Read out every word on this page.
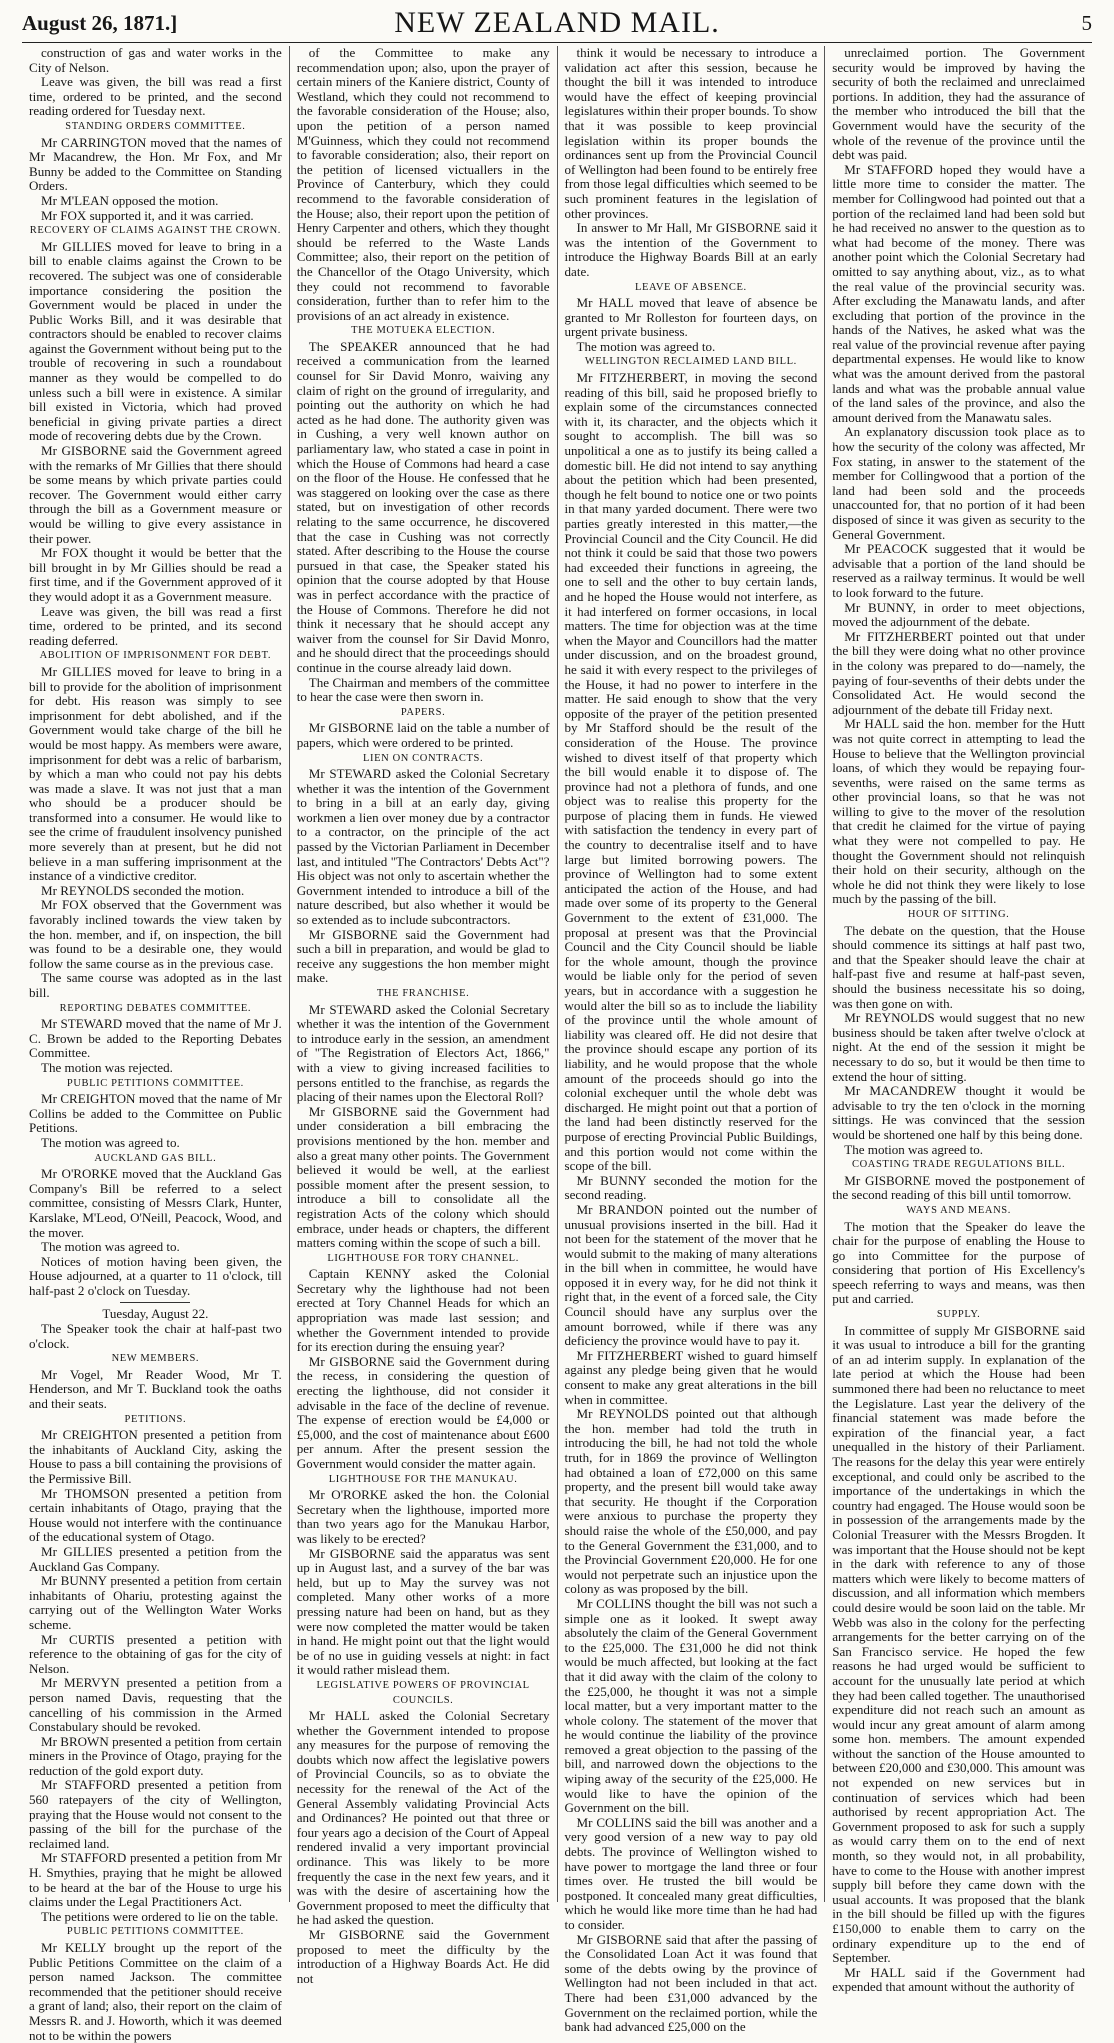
August 26, 1871.]	NEW ZEALAND MAIL.	5

construction of gas and water works in the City of Nelson.

Leave was given, the bill was read a first time, ordered to be printed, and the second reading ordered for Tuesday next.

STANDING ORDERS COMMITTEE.

Mr CARRINGTON moved that the names of Mr Macandrew, the Hon. Mr Fox, and Mr Bunny be added to the Committee on Standing Orders.

Mr M'LEAN opposed the motion.

Mr FOX supported it, and it was carried.

RECOVERY OF CLAIMS AGAINST THE CROWN.

Mr GILLIES moved for leave to bring in a bill to enable claims against the Crown to be recovered. The subject was one of considerable importance considering the position the Government would be placed in under the Public Works Bill, and it was desirable that contractors should be enabled to recover claims against the Government without being put to the trouble of recovering in such a roundabout manner as they would be compelled to do unless such a bill were in existence. A similar bill existed in Victoria, which had proved beneficial in giving private parties a direct mode of recovering debts due by the Crown.

Mr GISBORNE said the Government agreed with the remarks of Mr Gillies that there should be some means by which private parties could recover. The Government would either carry through the bill as a Government measure or would be willing to give every assistance in their power.

Mr FOX thought it would be better that the bill brought in by Mr Gillies should be read a first time, and if the Government approved of it they would adopt it as a Government measure.

Leave was given, the bill was read a first time, ordered to be printed, and its second reading deferred.

ABOLITION OF IMPRISONMENT FOR DEBT.

Mr GILLIES moved for leave to bring in a bill to provide for the abolition of imprisonment for debt. His reason was simply to see imprisonment for debt abolished, and if the Government would take charge of the bill he would be most happy. As members were aware, imprisonment for debt was a relic of barbarism, by which a man who could not pay his debts was made a slave. It was not just that a man who should be a producer should be transformed into a consumer. He would like to see the crime of fraudulent insolvency punished more severely than at present, but he did not believe in a man suffering imprisonment at the instance of a vindictive creditor.

Mr REYNOLDS seconded the motion.

Mr FOX observed that the Government was favorably inclined towards the view taken by the hon. member, and if, on inspection, the bill was found to be a desirable one, they would follow the same course as in the previous case.

The same course was adopted as in the last bill.

REPORTING DEBATES COMMITTEE.

Mr STEWARD moved that the name of Mr J. C. Brown be added to the Reporting Debates Committee.

The motion was rejected.

PUBLIC PETITIONS COMMITTEE.

Mr CREIGHTON moved that the name of Mr Collins be added to the Committee on Public Petitions.

The motion was agreed to.

AUCKLAND GAS BILL.

Mr O'RORKE moved that the Auckland Gas Company's Bill be referred to a select committee, consisting of Messrs Clark, Hunter, Karslake, M'Leod, O'Neill, Peacock, Wood, and the mover.

The motion was agreed to.

Notices of motion having been given, the House adjourned, at a quarter to 11 o'clock, till half-past 2 o'clock on Tuesday.

Tuesday, August 22.

The Speaker took the chair at half-past two o'clock.

NEW MEMBERS.

Mr Vogel, Mr Reader Wood, Mr T. Henderson, and Mr T. Buckland took the oaths and their seats.

PETITIONS.

Mr CREIGHTON presented a petition from the inhabitants of Auckland City, asking the House to pass a bill containing the provisions of the Permissive Bill.

Mr THOMSON presented a petition from certain inhabitants of Otago, praying that the House would not interfere with the continuance of the educational system of Otago.

Mr GILLIES presented a petition from the Auckland Gas Company.

Mr BUNNY presented a petition from certain inhabitants of Ohariu, protesting against the carrying out of the Wellington Water Works scheme.

Mr CURTIS presented a petition with reference to the obtaining of gas for the city of Nelson.

Mr MERVYN presented a petition from a person named Davis, requesting that the cancelling of his commission in the Armed Constabulary should be revoked.

Mr BROWN presented a petition from certain miners in the Province of Otago, praying for the reduction of the gold export duty.

Mr STAFFORD presented a petition from 560 ratepayers of the city of Wellington, praying that the House would not consent to the passing of the bill for the purchase of the reclaimed land.

Mr STAFFORD presented a petition from Mr H. Smythies, praying that he might be allowed to be heard at the bar of the House to urge his claims under the Legal Practitioners Act.

The petitions were ordered to lie on the table.

PUBLIC PETITIONS COMMITTEE.

Mr KELLY brought up the report of the Public Petitions Committee on the claim of a person named Jackson. The committee recommended that the petitioner should receive a grant of land; also, their report on the claim of Messrs R. and J. Howorth, which it was deemed not to be within the powers

of the Committee to make any recommendation upon; also, upon the prayer of certain miners of the Kaniere district, County of Westland, which they could not recommend to the favorable consideration of the House; also, upon the petition of a person named M'Guinness, which they could not recommend to favorable consideration; also, their report on the petition of licensed victuallers in the Province of Canterbury, which they could recommend to the favorable consideration of the House; also, their report upon the petition of Henry Carpenter and others, which they thought should be referred to the Waste Lands Committee; also, their report on the petition of the Chancellor of the Otago University, which they could not recommend to favorable consideration, further than to refer him to the provisions of an act already in existence.

THE MOTUEKA ELECTION.

The SPEAKER announced that he had received a communication from the learned counsel for Sir David Monro, waiving any claim of right on the ground of irregularity, and pointing out the authority on which he had acted as he had done. The authority given was in Cushing, a very well known author on parliamentary law, who stated a case in point in which the House of Commons had heard a case on the floor of the House. He confessed that he was staggered on looking over the case as there stated, but on investigation of other records relating to the same occurrence, he discovered that the case in Cushing was not correctly stated. After describing to the House the course pursued in that case, the Speaker stated his opinion that the course adopted by that House was in perfect accordance with the practice of the House of Commons. Therefore he did not think it necessary that he should accept any waiver from the counsel for Sir David Monro, and he should direct that the proceedings should continue in the course already laid down.

The Chairman and members of the committee to hear the case were then sworn in.

PAPERS.

Mr GISBORNE laid on the table a number of papers, which were ordered to be printed.

LIEN ON CONTRACTS.

Mr STEWARD asked the Colonial Secretary whether it was the intention of the Government to bring in a bill at an early day, giving workmen a lien over money due by a contractor to a contractor, on the principle of the act passed by the Victorian Parliament in December last, and intituled "The Contractors' Debts Act"? His object was not only to ascertain whether the Government intended to introduce a bill of the nature described, but also whether it would be so extended as to include subcontractors.

Mr GISBORNE said the Government had such a bill in preparation, and would be glad to receive any suggestions the hon member might make.

THE FRANCHISE.

Mr STEWARD asked the Colonial Secretary whether it was the intention of the Government to introduce early in the session, an amendment of "The Registration of Electors Act, 1866," with a view to giving increased facilities to persons entitled to the franchise, as regards the placing of their names upon the Electoral Roll?

Mr GISBORNE said the Government had under consideration a bill embracing the provisions mentioned by the hon. member and also a great many other points. The Government believed it would be well, at the earliest possible moment after the present session, to introduce a bill to consolidate all the registration Acts of the colony which should embrace, under heads or chapters, the different matters coming within the scope of such a bill.

LIGHTHOUSE FOR TORY CHANNEL.

Captain KENNY asked the Colonial Secretary why the lighthouse had not been erected at Tory Channel Heads for which an appropriation was made last session; and whether the Government intended to provide for its erection during the ensuing year?

Mr GISBORNE said the Government during the recess, in considering the question of erecting the lighthouse, did not consider it advisable in the face of the decline of revenue. The expense of erection would be £4,000 or £5,000, and the cost of maintenance about £600 per annum. After the present session the Government would consider the matter again.

LIGHTHOUSE FOR THE MANUKAU.

Mr O'RORKE asked the hon. the Colonial Secretary when the lighthouse, imported more than two years ago for the Manukau Harbor, was likely to be erected?

Mr GISBORNE said the apparatus was sent up in August last, and a survey of the bar was held, but up to May the survey was not completed. Many other works of a more pressing nature had been on hand, but as they were now completed the matter would be taken in hand. He might point out that the light would be of no use in guiding vessels at night: in fact it would rather mislead them.

LEGISLATIVE POWERS OF PROVINCIAL COUNCILS.

Mr HALL asked the Colonial Secretary whether the Government intended to propose any measures for the purpose of removing the doubts which now affect the legislative powers of Provincial Councils, so as to obviate the necessity for the renewal of the Act of the General Assembly validating Provincial Acts and Ordinances? He pointed out that three or four years ago a decision of the Court of Appeal rendered invalid a very important provincial ordinance. This was likely to be more frequently the case in the next few years, and it was with the desire of ascertaining how the Government proposed to meet the difficulty that he had asked the question.

Mr GISBORNE said the Government proposed to meet the difficulty by the introduction of a Highway Boards Act. He did not

think it would be necessary to introduce a validation act after this session, because he thought the bill it was intended to introduce would have the effect of keeping provincial legislatures within their proper bounds. To show that it was possible to keep provincial legislation within its proper bounds the ordinances sent up from the Provincial Council of Wellington had been found to be entirely free from those legal difficulties which seemed to be such prominent features in the legislation of other provinces.

In answer to Mr Hall, Mr GISBORNE said it was the intention of the Government to introduce the Highway Boards Bill at an early date.

LEAVE OF ABSENCE.

Mr HALL moved that leave of absence be granted to Mr Rolleston for fourteen days, on urgent private business.

The motion was agreed to.

WELLINGTON RECLAIMED LAND BILL.

Mr FITZHERBERT, in moving the second reading of this bill, said he proposed briefly to explain some of the circumstances connected with it, its character, and the objects which it sought to accomplish. The bill was so unpolitical a one as to justify its being called a domestic bill. He did not intend to say anything about the petition which had been presented, though he felt bound to notice one or two points in that many yarded document. There were two parties greatly interested in this matter,—the Provincial Council and the City Council. He did not think it could be said that those two powers had exceeded their functions in agreeing, the one to sell and the other to buy certain lands, and he hoped the House would not interfere, as it had interfered on former occasions, in local matters. The time for objection was at the time when the Mayor and Councillors had the matter under discussion, and on the broadest ground, he said it with every respect to the privileges of the House, it had no power to interfere in the matter. He said enough to show that the very opposite of the prayer of the petition presented by Mr Stafford should be the result of the consideration of the House. The province wished to divest itself of that property which the bill would enable it to dispose of. The province had not a plethora of funds, and one object was to realise this property for the purpose of placing them in funds. He viewed with satisfaction the tendency in every part of the country to decentralise itself and to have large but limited borrowing powers. The province of Wellington had to some extent anticipated the action of the House, and had made over some of its property to the General Government to the extent of £31,000. The proposal at present was that the Provincial Council and the City Council should be liable for the whole amount, though the province would be liable only for the period of seven years, but in accordance with a suggestion he would alter the bill so as to include the liability of the province until the whole amount of liability was cleared off. He did not desire that the province should escape any portion of its liability, and he would propose that the whole amount of the proceeds should go into the colonial exchequer until the whole debt was discharged. He might point out that a portion of the land had been distinctly reserved for the purpose of erecting Provincial Public Buildings, and this portion would not come within the scope of the bill.

Mr BUNNY seconded the motion for the second reading.

Mr BRANDON pointed out the number of unusual provisions inserted in the bill. Had it not been for the statement of the mover that he would submit to the making of many alterations in the bill when in committee, he would have opposed it in every way, for he did not think it right that, in the event of a forced sale, the City Council should have any surplus over the amount borrowed, while if there was any deficiency the province would have to pay it.

Mr FITZHERBERT wished to guard himself against any pledge being given that he would consent to make any great alterations in the bill when in committee.

Mr REYNOLDS pointed out that although the hon. member had told the truth in introducing the bill, he had not told the whole truth, for in 1869 the province of Wellington had obtained a loan of £72,000 on this same property, and the present bill would take away that security. He thought if the Corporation were anxious to purchase the property they should raise the whole of the £50,000, and pay to the General Government the £31,000, and to the Provincial Government £20,000. He for one would not perpetrate such an injustice upon the colony as was proposed by the bill.

Mr COLLINS thought the bill was not such a simple one as it looked. It swept away absolutely the claim of the General Government to the £25,000. The £31,000 he did not think would be much affected, but looking at the fact that it did away with the claim of the colony to the £25,000, he thought it was not a simple local matter, but a very important matter to the whole colony. The statement of the mover that he would continue the liability of the province removed a great objection to the passing of the bill, and narrowed down the objections to the wiping away of the security of the £25,000. He would like to have the opinion of the Government on the bill.

Mr COLLINS said the bill was another and a very good version of a new way to pay old debts. The province of Wellington wished to have power to mortgage the land three or four times over. He trusted the bill would be postponed. It concealed many great difficulties, which he would like more time than he had had to consider.

Mr GISBORNE said that after the passing of the Consolidated Loan Act it was found that some of the debts owing by the province of Wellington had not been included in that act. There had been £31,000 advanced by the Government on the reclaimed portion, while the bank had advanced £25,000 on the

unreclaimed portion. The Government security would be improved by having the security of both the reclaimed and unreclaimed portions. In addition, they had the assurance of the member who introduced the bill that the Government would have the security of the whole of the revenue of the province until the debt was paid.

Mr STAFFORD hoped they would have a little more time to consider the matter. The member for Collingwood had pointed out that a portion of the reclaimed land had been sold but he had received no answer to the question as to what had become of the money. There was another point which the Colonial Secretary had omitted to say anything about, viz., as to what the real value of the provincial security was. After excluding the Manawatu lands, and after excluding that portion of the province in the hands of the Natives, he asked what was the real value of the provincial revenue after paying departmental expenses. He would like to know what was the amount derived from the pastoral lands and what was the probable annual value of the land sales of the province, and also the amount derived from the Manawatu sales.

An explanatory discussion took place as to how the security of the colony was affected, Mr Fox stating, in answer to the statement of the member for Collingwood that a portion of the land had been sold and the proceeds unaccounted for, that no portion of it had been disposed of since it was given as security to the General Government.

Mr PEACOCK suggested that it would be advisable that a portion of the land should be reserved as a railway terminus. It would be well to look forward to the future.

Mr BUNNY, in order to meet objections, moved the adjournment of the debate.

Mr FITZHERBERT pointed out that under the bill they were doing what no other province in the colony was prepared to do—namely, the paying of four-sevenths of their debts under the Consolidated Act. He would second the adjournment of the debate till Friday next.

Mr HALL said the hon. member for the Hutt was not quite correct in attempting to lead the House to believe that the Wellington provincial loans, of which they would be repaying four-sevenths, were raised on the same terms as other provincial loans, so that he was not willing to give to the mover of the resolution that credit he claimed for the virtue of paying what they were not compelled to pay. He thought the Government should not relinquish their hold on their security, although on the whole he did not think they were likely to lose much by the passing of the bill.

HOUR OF SITTING.

The debate on the question, that the House should commence its sittings at half past two, and that the Speaker should leave the chair at half-past five and resume at half-past seven, should the business necessitate his so doing, was then gone on with.

Mr REYNOLDS would suggest that no new business should be taken after twelve o'clock at night. At the end of the session it might be necessary to do so, but it would be then time to extend the hour of sitting.

Mr MACANDREW thought it would be advisable to try the ten o'clock in the morning sittings. He was convinced that the session would be shortened one half by this being done.

The motion was agreed to.

COASTING TRADE REGULATIONS BILL.

Mr GISBORNE moved the postponement of the second reading of this bill until tomorrow.

WAYS AND MEANS.

The motion that the Speaker do leave the chair for the purpose of enabling the House to go into Committee for the purpose of considering that portion of His Excellency's speech referring to ways and means, was then put and carried.

SUPPLY.

In committee of supply Mr GISBORNE said it was usual to introduce a bill for the granting of an ad interim supply. In explanation of the late period at which the House had been summoned there had been no reluctance to meet the Legislature. Last year the delivery of the financial statement was made before the expiration of the financial year, a fact unequalled in the history of their Parliament. The reasons for the delay this year were entirely exceptional, and could only be ascribed to the importance of the undertakings in which the country had engaged. The House would soon be in possession of the arrangements made by the Colonial Treasurer with the Messrs Brogden. It was important that the House should not be kept in the dark with reference to any of those matters which were likely to become matters of discussion, and all information which members could desire would be soon laid on the table. Mr Webb was also in the colony for the perfecting arrangements for the better carrying on of the San Francisco service. He hoped the few reasons he had urged would be sufficient to account for the unusually late period at which they had been called together. The unauthorised expenditure did not reach such an amount as would incur any great amount of alarm among some hon. members. The amount expended without the sanction of the House amounted to between £20,000 and £30,000. This amount was not expended on new services but in continuation of services which had been authorised by recent appropriation Act. The Government proposed to ask for such a supply as would carry them on to the end of next month, so they would not, in all probability, have to come to the House with another imprest supply bill before they came down with the usual accounts. It was proposed that the blank in the bill should be filled up with the figures £150,000 to enable them to carry on the ordinary expenditure up to the end of September.

Mr HALL said if the Government had expended that amount without the authority of
